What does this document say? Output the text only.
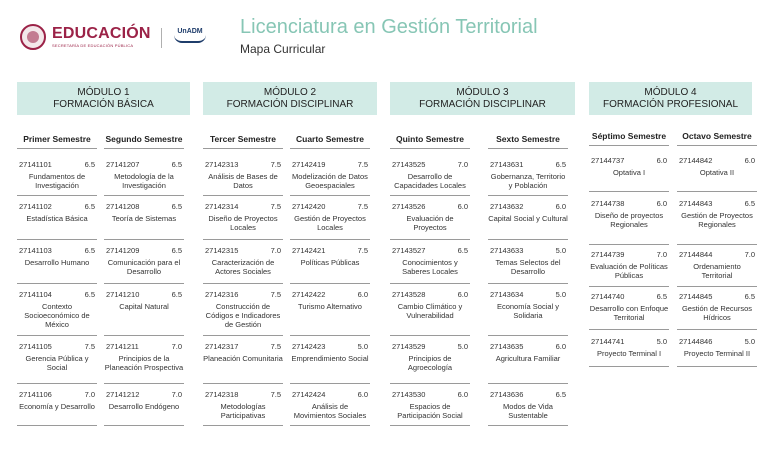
EDUCACIÓN
SECRETARÍA DE EDUCACIÓN PÚBLICA
UnADM Licenciatura en Gestión Territorial
Mapa Curricular
MÓDULO 1
FORMACIÓN BÁSICA
MÓDULO 2
FORMACIÓN DISCIPLINAR
MÓDULO 3
FORMACIÓN DISCIPLINAR
MÓDULO 4
FORMACIÓN PROFESIONAL
Primer Semestre
27141101	6.5
Fundamentos de Investigación
27141102	6.5
Estadística Básica
27141103	6.5
Desarrollo Humano
27141104	6.5
Contexto Socioeconómico de México
27141105	7.5
Gerencia Pública y Social
27141106	7.0
Economía y Desarrollo
Segundo Semestre
27141207	6.5
Metodología de la Investigación
27141208	6.5
Teoría de Sistemas
27141209	6.5
Comunicación para el Desarrollo
27141210	6.5
Capital Natural
27141211	7.0
Principios de la Planeación Prospectiva
27141212	7.0
Desarrollo Endógeno
Tercer Semestre
27142313	7.5
Análisis de Bases de Datos
27142314	7.5
Diseño de Proyectos Locales
27142315	7.0
Caracterización de Actores Sociales
27142316	7.5
Construcción de Códigos e Indicadores de Gestión
27142317	7.5
Planeación Comunitaria
27142318	7.5
Metodologías Participativas
Cuarto Semestre
27142419	7.5
Modelización de Datos Geoespaciales
27142420	7.5
Gestión de Proyectos Locales
27142421	7.5
Políticas Públicas
27142422	6.0
Turismo Alternativo
27142423	5.0
Emprendimiento Social
27142424	6.0
Análisis de Movimientos Sociales
Quinto Semestre
27143525	7.0
Desarrollo de Capacidades Locales
27143526	6.0
Evaluación de Proyectos
27143527	6.5
Conocimientos y Saberes Locales
27143528	6.0
Cambio Climático y Vulnerabilidad
27143529	5.0
Principios de Agroecología
27143530	6.0
Espacios de Participación Social
Sexto Semestre
27143631	6.5
Gobernanza, Territorio y Población
27143632	6.0
Capital Social y Cultural
27143633	5.0
Temas Selectos del Desarrollo
27143634	5.0
Economía Social y Solidaria
27143635	6.0
Agricultura Familiar
27143636	6.5
Modos de Vida Sustentable
Séptimo Semestre
27144737	6.0
Optativa I
27144738	6.0
Diseño de proyectos Regionales
27144739	7.0
Evaluación de Políticas Públicas
27144740	6.5
Desarrollo con Enfoque Territorial
27144741	5.0
Proyecto Terminal I
Octavo Semestre
27144842	6.0
Optativa II
27144843	6.5
Gestión de Proyectos Regionales
27144844	7.0
Ordenamiento Territorial
27144845	6.5
Gestión de Recursos Hídricos
27144846	5.0
Proyecto Terminal II
